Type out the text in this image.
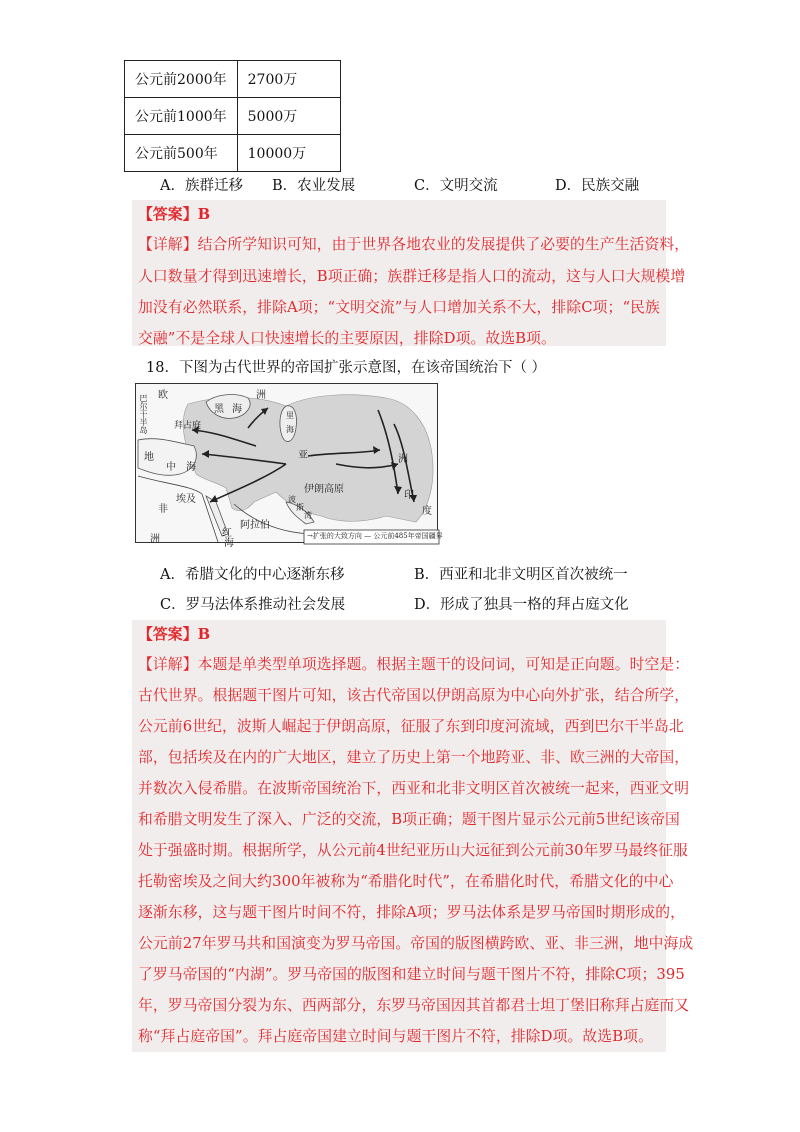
公元前2000年	2700万
公元前1000年	5000万
公元前500年	10000万
A．族群迁移 B．农业发展	C．文明交流	D．民族交融
【答案】B
【详解】结合所学知识可知，由于世界各地农业的发展提供了必要的生产生活资料，
人口数量才得到迅速增长，B项正确；族群迁移是指人口的流动，这与人口大规模增
加没有必然联系，排除A项；“文明交流”与人口增加关系不大，排除C项；“民族
交融”不是全球人口快速增长的主要原因，排除D项。故选B项。
18．下图为古代世界的帝国扩张示意图，在该帝国统治下（ ）
欧	洲
巴尔干半岛	拜占庭
黑 海
里
海
亚	洲
地
中 海
伊朗高原
埃及
非
洲
阿拉伯
红
海
波
斯
湾
印
度
→扩张的大致方向 — 公元前485年帝国疆界
A．希腊文化的中心逐渐东移	B．西亚和北非文明区首次被统一
C．罗马法体系推动社会发展	D．形成了独具一格的拜占庭文化
【答案】B
【详解】本题是单类型单项选择题。根据主题干的设问词，可知是正向题。时空是：
古代世界。根据题干图片可知，该古代帝国以伊朗高原为中心向外扩张，结合所学，
公元前6世纪，波斯人崛起于伊朗高原，征服了东到印度河流域，西到巴尔干半岛北
部，包括埃及在内的广大地区，建立了历史上第一个地跨亚、非、欧三洲的大帝国，
并数次入侵希腊。在波斯帝国统治下，西亚和北非文明区首次被统一起来，西亚文明
和希腊文明发生了深入、广泛的交流，B项正确；题干图片显示公元前5世纪该帝国
处于强盛时期。根据所学，从公元前4世纪亚历山大远征到公元前30年罗马最终征服
托勒密埃及之间大约300年被称为“希腊化时代”，在希腊化时代，希腊文化的中心
逐渐东移，这与题干图片时间不符，排除A项；罗马法体系是罗马帝国时期形成的，
公元前27年罗马共和国演变为罗马帝国。帝国的版图横跨欧、亚、非三洲，地中海成
了罗马帝国的“内湖”。罗马帝国的版图和建立时间与题干图片不符，排除C项；395
年，罗马帝国分裂为东、西两部分，东罗马帝国因其首都君士坦丁堡旧称拜占庭而又
称“拜占庭帝国”。拜占庭帝国建立时间与题干图片不符，排除D项。故选B项。
